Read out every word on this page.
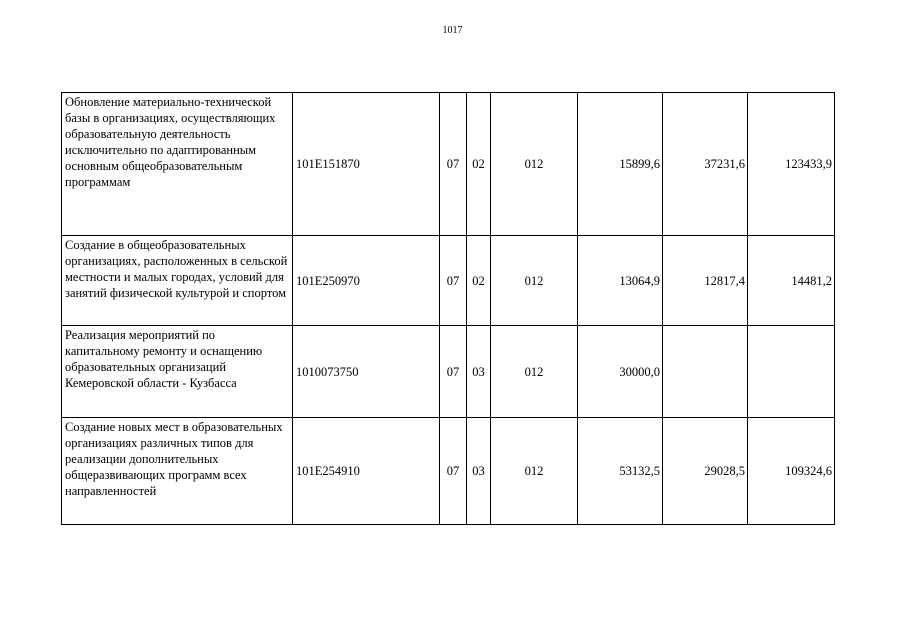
1017
Обновление материально-технической базы в организациях, осуществляющих образовательную деятельность исключительно по адаптированным основным общеобразовательным программам	101E151870	07	02	012	15899,6	37231,6	123433,9
Создание в общеобразовательных организациях, расположенных в сельской местности и малых городах, условий для занятий физической культурой и спортом	101E250970	07	02	012	13064,9	12817,4	14481,2
Реализация мероприятий по капитальному ремонту и оснащению образовательных организаций Кемеровской области - Кузбасса	1010073750	07	03	012	30000,0		
Создание новых мест в образовательных организациях различных типов для реализации дополнительных общеразвивающих программ всех направленностей	101E254910	07	03	012	53132,5	29028,5	109324,6
